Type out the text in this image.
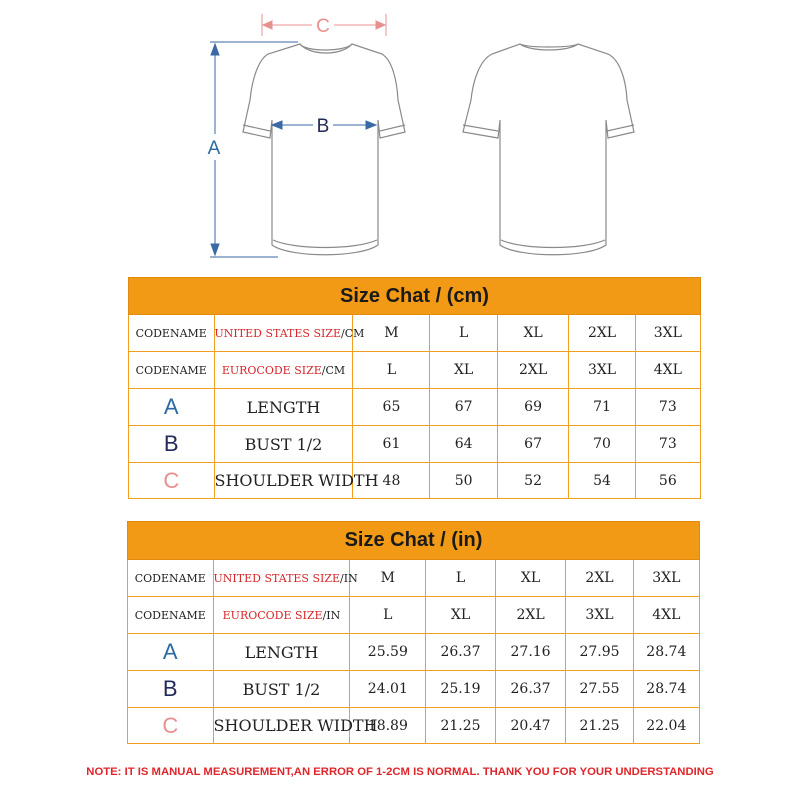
A
B
C
Size Chat / (cm)						
CODENAME	UNITED STATES SIZE/CM	M	L	XL	2XL	3XL
CODENAME	EUROCODE SIZE/CM	L	XL	2XL	3XL	4XL
A	LENGTH	65	67	69	71	73
B	BUST 1/2	61	64	67	70	73
C	SHOULDER WIDTH	48	50	52	54	56
Size Chat / (in)						
CODENAME	UNITED STATES SIZE/IN	M	L	XL	2XL	3XL
CODENAME	EUROCODE SIZE/IN	L	XL	2XL	3XL	4XL
A	LENGTH	25.59	26.37	27.16	27.95	28.74
B	BUST 1/2	24.01	25.19	26.37	27.55	28.74
C	SHOULDER WIDTH	18.89	21.25	20.47	21.25	22.04
NOTE: IT IS MANUAL MEASUREMENT,AN ERROR OF 1-2CM IS NORMAL. THANK YOU FOR YOUR UNDERSTANDING
